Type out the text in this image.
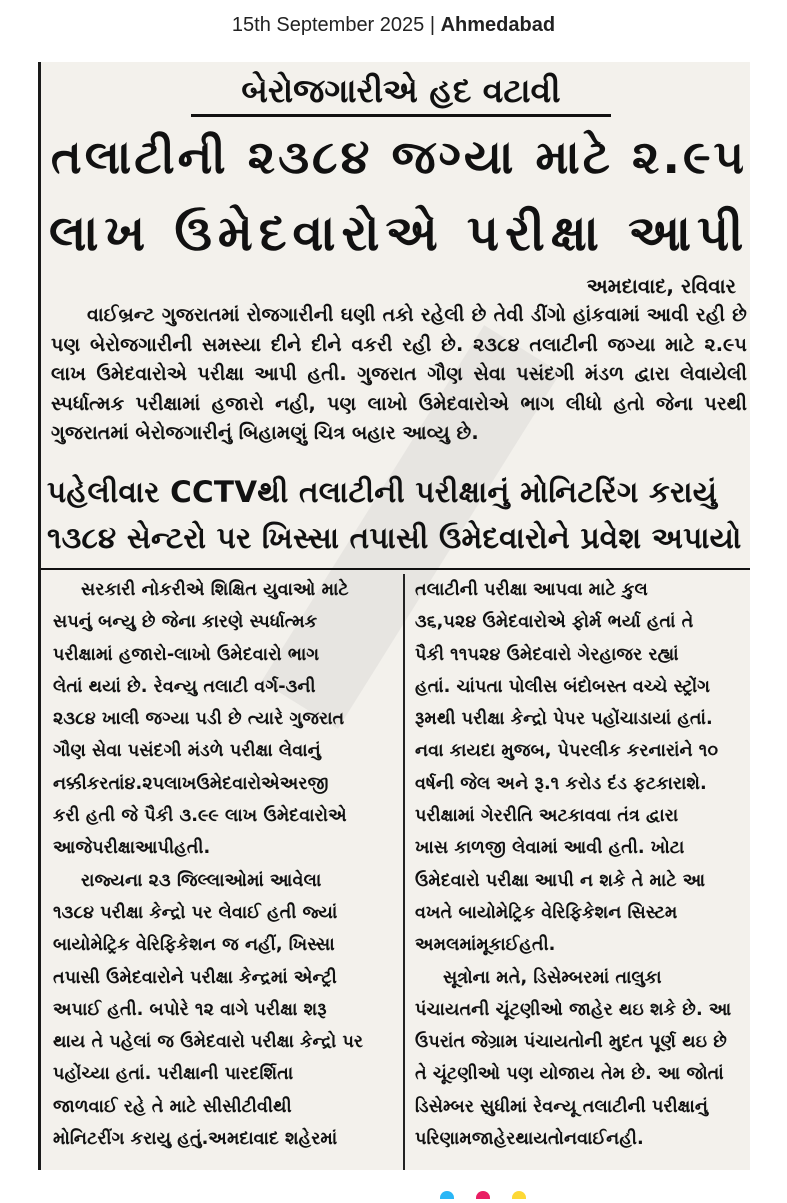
15th September 2025 | Ahmedabad
બેરોજગારીએ હદ વટાવી
તલાટીની ૨૩૮૪ જગ્યા માટે ૨.૯૫
લાખ ઉમેદવારોએ પરીક્ષા આપી
અમદાવાદ, રવિવાર
વાઈબ્રન્ટ ગુજરાતમાં રોજગારીની ઘણી તકો રહેલી છે તેવી ડીંગો હાંકવામાં આવી રહી છે પણ બેરોજગારીની સમસ્યા દીને દીને વકરી રહી છે. ૨૩૮૪ તલાટીની જગ્યા માટે ૨.૯૫ લાખ ઉમેદવારોએ પરીક્ષા આપી હતી. ગુજરાત ગૌણ સેવા પસંદગી મંડળ દ્વારા લેવાયેલી સ્પર્ધાત્મક પરીક્ષામાં હજારો નહી, પણ લાખો ઉમેદવારોએ ભાગ લીધો હતો જેના પરથી ગુજરાતમાં બેરોજગારીનું બિહામણું ચિત્ર બહાર આવ્યુ છે.
પહેલીવાર CCTVથી તલાટીની પરીક્ષાનું મોનિટરિંગ કરાયું
૧૩૮૪ સેન્ટરો પર ખિસ્સા તપાસી ઉમેદવારોને પ્રવેશ અપાયો

સરકારી નોકરીએ શિક્ષિત યુવાઓ માટે

સપનું બન્યુ છે જેના કારણે સ્પર્ધાત્મક

પરીક્ષામાં હજારો-લાખો ઉમેદવારો ભાગ

લેતાં થયાં છે. રેવન્યુ તલાટી વર્ગ-૩ની

૨૩૮૪ ખાલી જગ્યા પડી છે ત્યારે ગુજરાત

ગૌણ સેવા પસંદગી મંડળે પરીક્ષા લેવાનું

નક્કીકરતાં૪.૨૫લાખઉમેદવારોએઅરજી

કરી હતી જે પૈકી ૩.૯૯ લાખ ઉમેદવારોએ

આજેપરીક્ષાઆપીહતી.

રાજ્યના ૨૩ જિલ્લાઓમાં આવેલા

૧૩૮૪ પરીક્ષા કેન્દ્રો પર લેવાઈ હતી જ્યાં

બાયોમેટ્રિક વેરિફિકેશન જ નહીં, ખિસ્સા

તપાસી ઉમેદવારોને પરીક્ષા કેન્દ્રમાં એન્ટ્રી

અપાઈ હતી. બપોરે ૧૨ વાગે પરીક્ષા શરૂ

થાય તે પહેલાં જ ઉમેદવારો પરીક્ષા કેન્દ્રો પર

પહોંચ્યા હતાં. પરીક્ષાની પારદર્શિતા

જાળવાઈ રહે તે માટે સીસીટીવીથી

મોનિટરીંગ કરાયુ હતું.અમદાવાદ શહેરમાં

તલાટીની પરીક્ષા આપવા માટે કુલ

૩૬,૫૨૪ ઉમેદવારોએ ફોર્મ ભર્યા હતાં તે

પૈકી ૧૧૫૨૪ ઉમેદવારો ગેરહાજર રહ્યાં

હતાં. ચાંપતા પોલીસ બંદોબસ્ત વચ્ચે સ્ટ્રોંગ

રૂમથી પરીક્ષા કેન્દ્રો પેપર પહોંચાડાયાં હતાં.

નવા કાયદા મુજબ, પેપરલીક કરનારાંને ૧૦

વર્ષની જેલ અને રૂ.૧ કરોડ દંડ ફટકારાશે.

પરીક્ષામાં ગેરરીતિ અટકાવવા તંત્ર દ્વારા

ખાસ કાળજી લેવામાં આવી હતી. ખોટા

ઉમેદવારો પરીક્ષા આપી ન શકે તે માટે આ

વખતે બાયોમેટ્રિક વેરિફિકેશન સિસ્ટમ

અમલમાંમૂકાઈહતી.

સૂત્રોના મતે, ડિસેમ્બરમાં તાલુકા

પંચાયતની ચૂંટણીઓ જાહેર થઇ શકે છે. આ

ઉપરાંત જેગ્રામ પંચાયતોની મુદત પૂર્ણ થઇ છે

તે ચૂંટણીઓ પણ યોજાય તેમ છે. આ જોતાં

ડિસેમ્બર સુધીમાં રેવન્યૂ તલાટીની પરીક્ષાનું

પરિણામજાહેરથાયતોનવાઈનહી.
